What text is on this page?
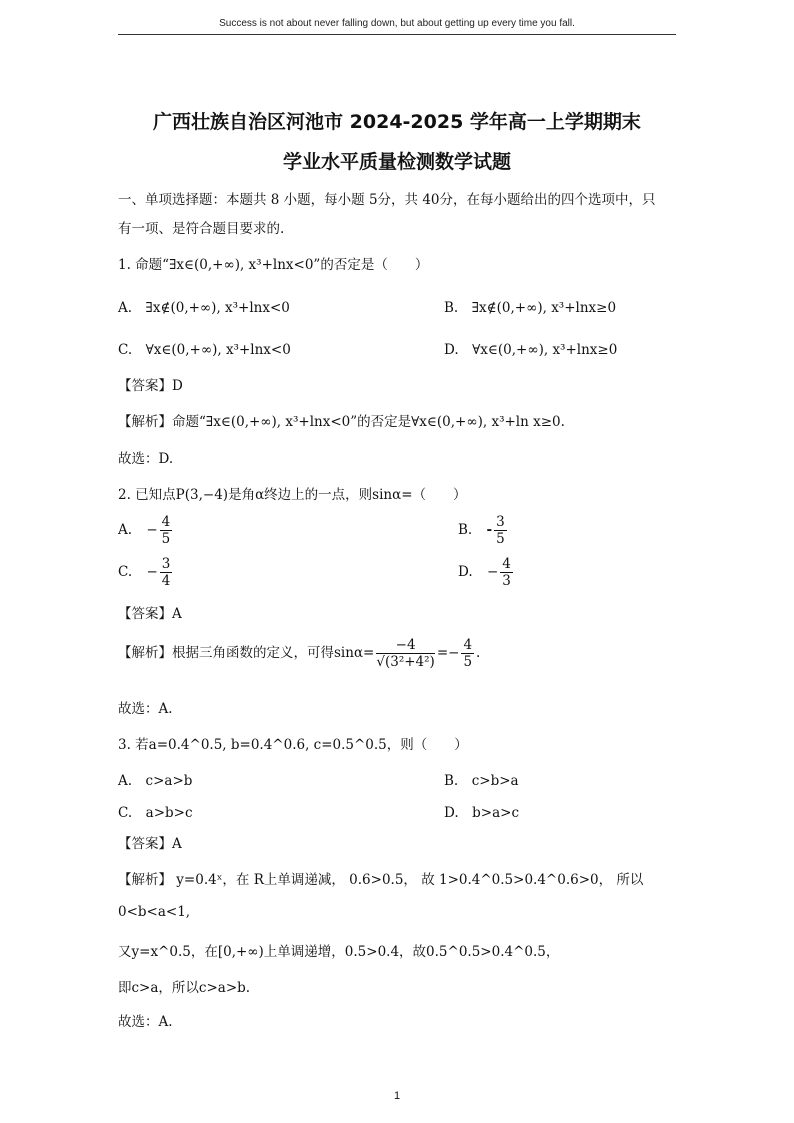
Success is not about never falling down, but about getting up every time you fall.
广西壮族自治区河池市 2024-2025 学年高一上学期期末
学业水平质量检测数学试题
一、单项选择题：本题共 8 小题，每小题 5分，共 40分，在每小题给出的四个选项中，只
有一项、是符合题目要求的.
1. 命题“∃x∈(0,+∞), x³+lnx<0”的否定是（　　）
A.　∃x∉(0,+∞), x³+lnx<0	B.　∃x∉(0,+∞), x³+lnx≥0
C.　∀x∈(0,+∞), x³+lnx<0	D.　∀x∈(0,+∞), x³+lnx≥0
【答案】D
【解析】命题“∃x∈(0,+∞), x³+lnx<0”的否定是∀x∈(0,+∞), x³+ln x≥0.
故选：D.
2. 已知点P(3,−4)是角α终边上的一点，则sinα=（　　）
A. − $\frac{4}{5}$	B. - $\frac{3}{5}$
C. − $\frac{3}{4}$	D. − $\frac{4}{3}$
【答案】A
【解析】根据三角函数的定义，可得$\sin\alpha= \frac{-4}{\text{√(3²+4²)}} =- \frac{4}{5}$ .
故选：A.
3. 若a=0.4^0.5, b=0.4^0.6, c=0.5^0.5，则（　　）
A.　c>a>b	B.　c>b>a
C.　a>b>c	D.　b>a>c
【答案】A
【解析】 y=0.4ˣ，在 R上单调递减， 0.6>0.5， 故 1>0.4^0.5>0.4^0.6>0， 所以
0<b<a<1,
又y=x^0.5，在[0,+∞)上单调递增，0.5>0.4，故0.5^0.5>0.4^0.5，
即c>a，所以c>a>b.
故选：A.
1
